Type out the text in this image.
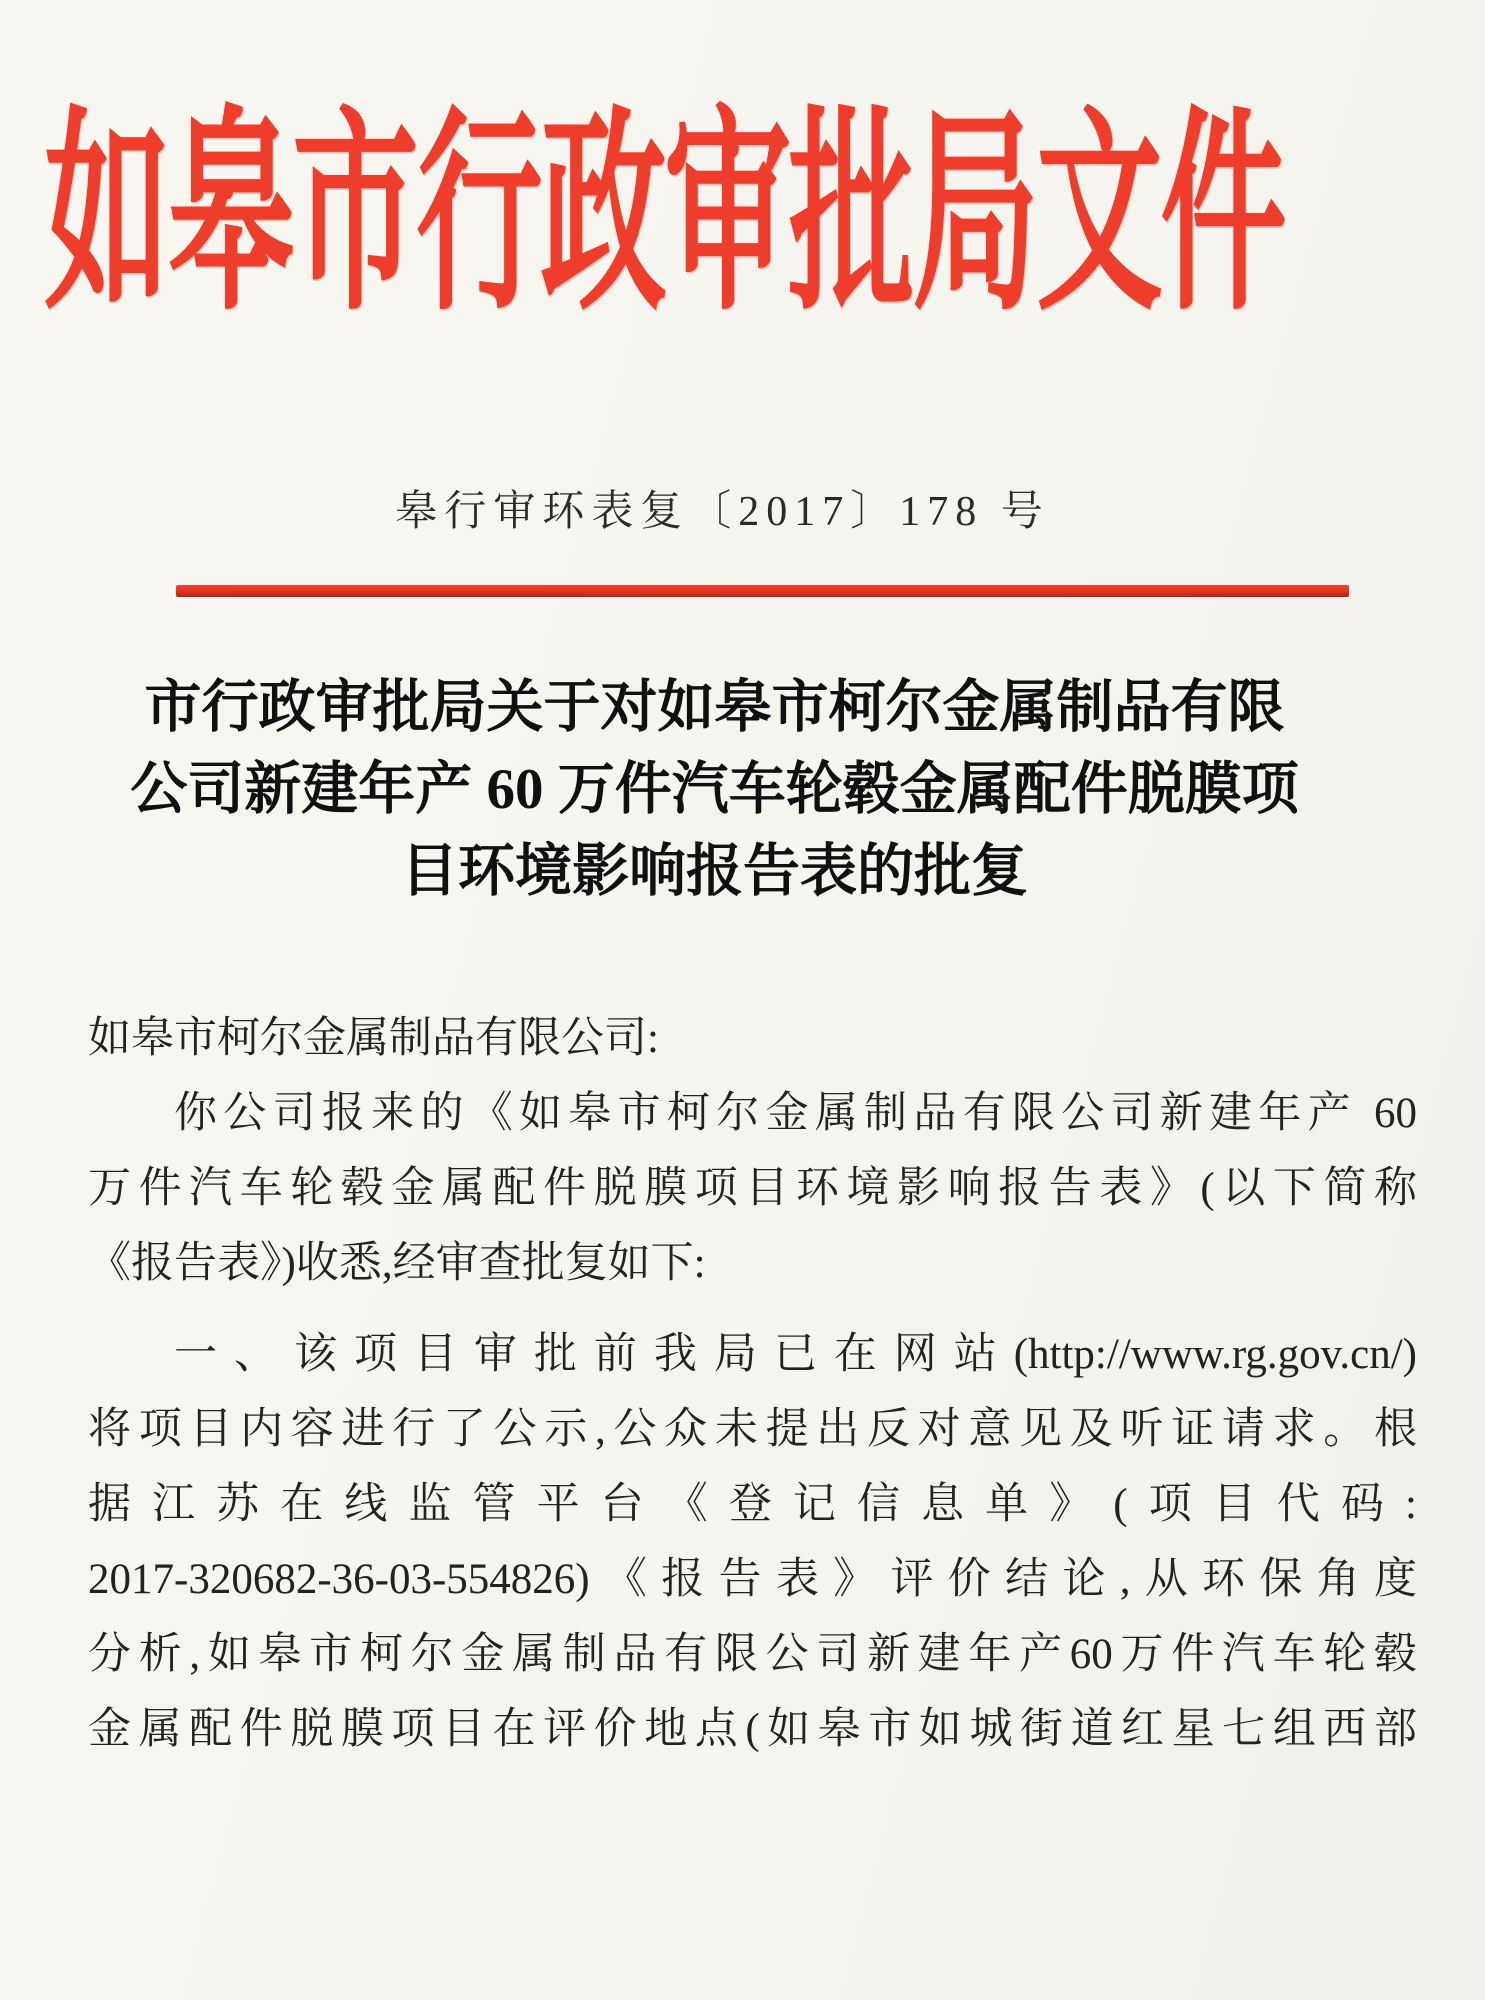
如皋市行政审批局文件
皋行审环表复〔2017〕178 号
市行政审批局关于对如皋市柯尔金属制品有限
公司新建年产 60 万件汽车轮毂金属配件脱膜项
目环境影响报告表的批复

如皋市柯尔金属制品有限公司:

你公司报来的《如皋市柯尔金属制品有限公司新建年产 60

万件汽车轮毂金属配件脱膜项目环境影响报告表》(以下简称

《报告表》)收悉,经审查批复如下:

一、该项目审批前我局已在网站(http://www.rg.gov.cn/)

将项目内容进行了公示,公众未提出反对意见及听证请求。根

据江苏在线监管平台《登记信息单》(项目代码:

2017-320682-36-03-554826)《报告表》评价结论,从环保角度

分析,如皋市柯尔金属制品有限公司新建年产60万件汽车轮毂

金属配件脱膜项目在评价地点(如皋市如城街道红星七组西部
